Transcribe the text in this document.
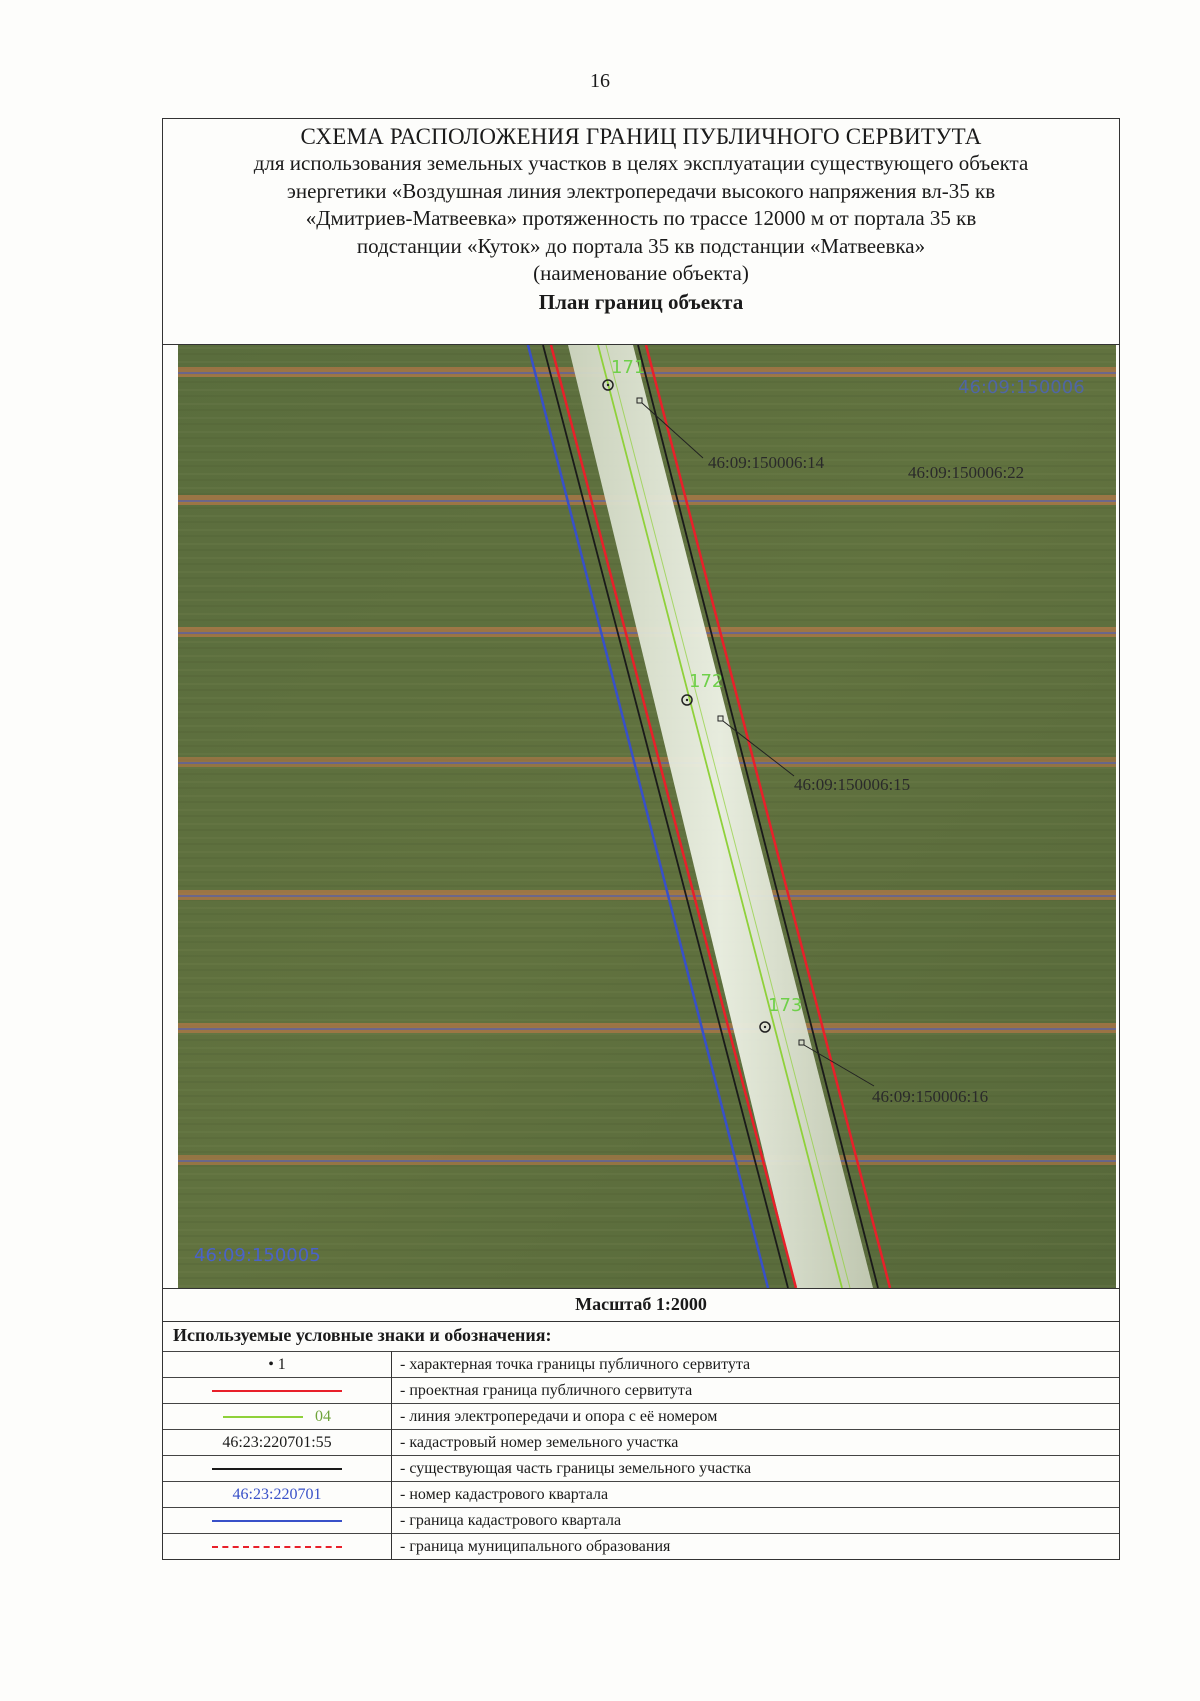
16
СХЕМА РАСПОЛОЖЕНИЯ ГРАНИЦ ПУБЛИЧНОГО СЕРВИТУТА
для использования земельных участков в целях эксплуатации существующего объекта
энергетики «Воздушная линия электропередачи высокого напряжения вл-35 кв
«Дмитриев-Матвеевка» протяженность по трассе 12000 м от портала 35 кв
подстанции «Куток» до портала 35 кв подстанции «Матвеевка»
(наименование объекта)
План границ объекта
46:09:150006
46:09:150005
46:09:150006:14
46:09:150006:22
46:09:150006:15
46:09:150006:16
171
172
173
Масштаб 1:2000
Используемые условные знаки и обозначения:
• 1	- характерная точка границы публичного сервитута
	- проектная граница публичного сервитута
04	- линия электропередачи и опора с её номером
46:23:220701:55	- кадастровый номер земельного участка
	- существующая часть границы земельного участка
46:23:220701	- номер кадастрового квартала
	- граница кадастрового квартала
	- граница муниципального образования
